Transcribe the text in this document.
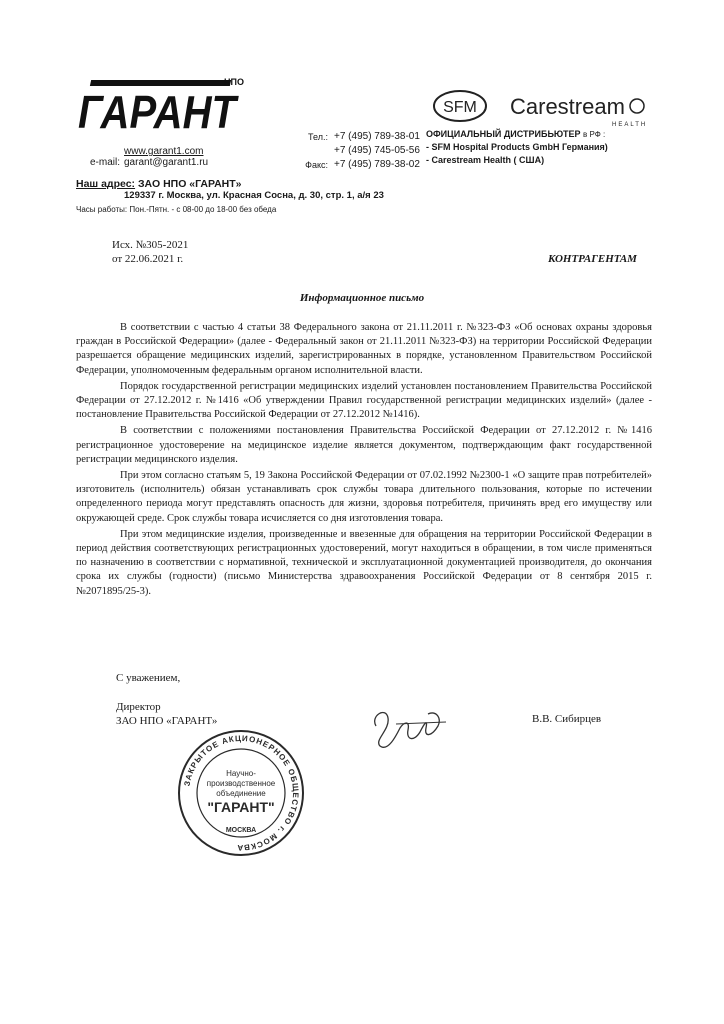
НПО
ГАРАНТ
www.garant1.com
e-mail: garant@garant1.ru
Тел.: +7 (495) 789-38-01
+7 (495) 745-05-56
Факс: +7 (495) 789-38-02
SFM Carestream
HEALTH
ОФИЦИАЛЬНЫЙ ДИСТРИБЬЮТЕР в РФ :
- SFM Hospital Products GmbH Германия)
- Carestream Health ( США)
Наш адрес: ЗАО НПО «ГАРАНТ»
129337 г. Москва, ул. Красная Сосна, д. 30, стр. 1, а/я 23
Часы работы: Пон.-Пятн. - с 08-00 до 18-00 без обеда
Исх. №305-2021
от 22.06.2021 г.	КОНТРАГЕНТАМ
Информационное письмо

В соответствии с частью 4 статьи 38 Федерального закона от 21.11.2011 г. №323-ФЗ «Об основах охраны здоровья граждан в Российской Федерации» (далее - Федеральный закон от 21.11.2011 №323-ФЗ) на территории Российской Федерации разрешается обращение медицинских изделий, зарегистрированных в порядке, установленном Правительством Российской Федерации, уполномоченным федеральным органом исполнительной власти.

Порядок государственной регистрации медицинских изделий установлен постановлением Правительства Российской Федерации от 27.12.2012 г. №1416 «Об утверждении Правил государственной регистрации медицинских изделий» (далее - постановление Правительства Российской Федерации от 27.12.2012 №1416).

В соответствии с положениями постановления Правительства Российской Федерации от 27.12.2012 г. №1416 регистрационное удостоверение на медицинское изделие является документом, подтверждающим факт государственной регистрации медицинского изделия.

При этом согласно статьям 5, 19 Закона Российской Федерации от 07.02.1992 №2300-1 «О защите прав потребителей» изготовитель (исполнитель) обязан устанавливать срок службы товара длительного пользования, которые по истечении определенного периода могут представлять опасность для жизни, здоровья потребителя, причинять вред его имуществу или окружающей среде. Срок службы товара исчисляется со дня изготовления товара.

При этом медицинские изделия, произведенные и ввезенные для обращения на территории Российской Федерации в период действия соответствующих регистрационных удостоверений, могут находиться в обращении, в том числе применяться по назначению в соответствии с нормативной, технической и эксплуатационной документацией производителя, до окончания срока их службы (годности) (письмо Министерства здравоохранения Российской Федерации от 8 сентября 2015 г. №2071895/25-3).

С уважением,
Директор
ЗАО НПО «ГАРАНТ»	В.В. Сибирцев
ЗАКРЫТОЕ АКЦИОНЕРНОЕ ОБЩЕСТВО г. МОСКВА
Научно-
производственное
объединение
"ГАРАНТ"
МОСКВА
